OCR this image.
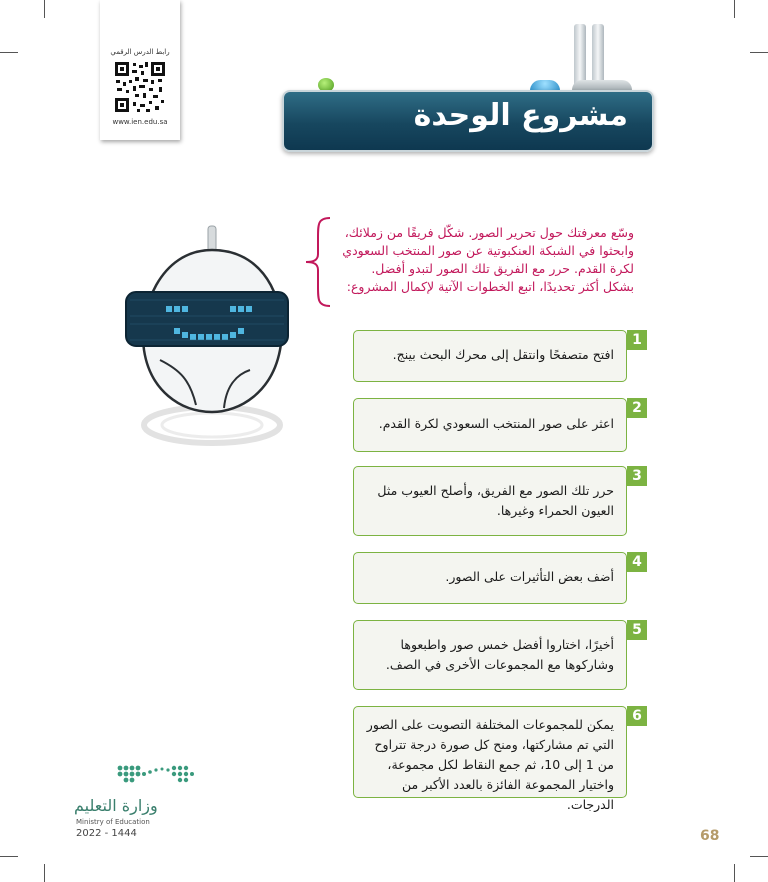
رابط الدرس الرقمي
www.ien.edu.sa	مشروع الوحدة
وسّع معرفتك حول تحرير الصور. شكّل فريقًا من زملائك، وابحثوا في الشبكة العنكبوتية عن صور المنتخب السعودي لكرة القدم. حرر مع الفريق تلك الصور لتبدو أفضل. بشكل أكثر تحديدًا، اتبع الخطوات الآتية لإكمال المشروع:
افتح متصفحًا وانتقل إلى محرك البحث بينج.
1
اعثر على صور المنتخب السعودي لكرة القدم.
2
حرر تلك الصور مع الفريق، وأصلح العيوب مثل العيون الحمراء وغيرها.
3
أضف بعض التأثيرات على الصور.
4
أخيرًا، اختاروا أفضل خمس صور واطبعوها وشاركوها مع المجموعات الأخرى في الصف.
5
يمكن للمجموعات المختلفة التصويت على الصور التي تم مشاركتها، ومنح كل صورة درجة تتراوح من 1 إلى 10، ثم جمع النقاط لكل مجموعة، واختيار المجموعة الفائزة بالعدد الأكبر من الدرجات.
6
وزارة التعليم
Ministry of Education
2022 - 1444	68
